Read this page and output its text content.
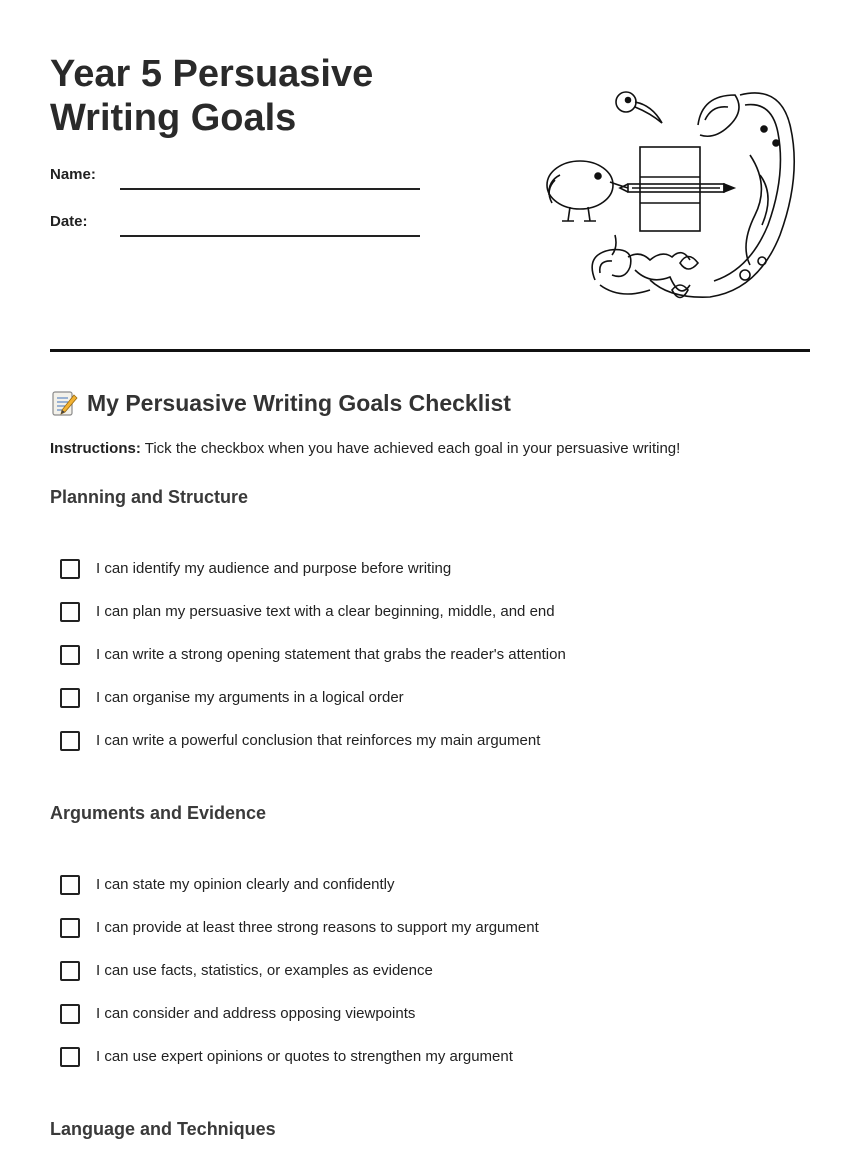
Year 5 Persuasive
Writing Goals
Name:
Date:
My Persuasive Writing Goals Checklist
Instructions: Tick the checkbox when you have achieved each goal in your persuasive writing!
Planning and Structure
I can identify my audience and purpose before writing
I can plan my persuasive text with a clear beginning, middle, and end
I can write a strong opening statement that grabs the reader's attention
I can organise my arguments in a logical order
I can write a powerful conclusion that reinforces my main argument
Arguments and Evidence
I can state my opinion clearly and confidently
I can provide at least three strong reasons to support my argument
I can use facts, statistics, or examples as evidence
I can consider and address opposing viewpoints
I can use expert opinions or quotes to strengthen my argument
Language and Techniques
